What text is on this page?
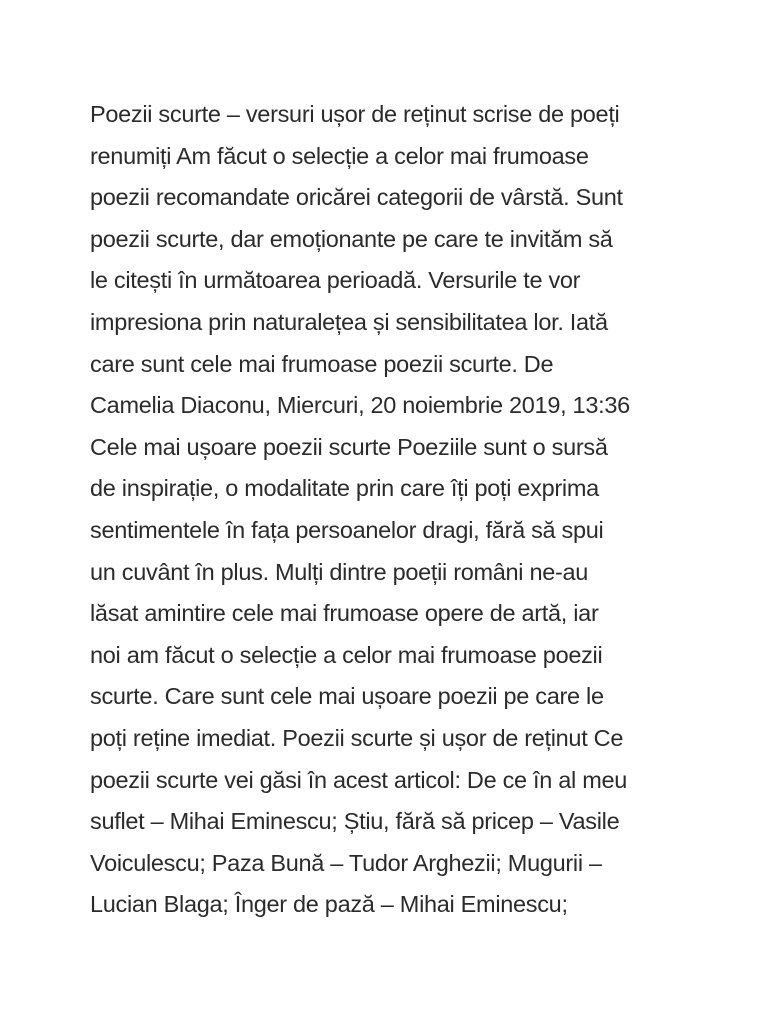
Poezii scurte – versuri ușor de reținut scrise de poeți
renumiți Am făcut o selecție a celor mai frumoase
poezii recomandate oricărei categorii de vârstă. Sunt
poezii scurte, dar emoționante pe care te invităm să
le citești în următoarea perioadă. Versurile te vor
impresiona prin naturalețea și sensibilitatea lor. Iată
care sunt cele mai frumoase poezii scurte. De
Camelia Diaconu, Miercuri, 20 noiembrie 2019, 13:36
Cele mai ușoare poezii scurte Poeziile sunt o sursă
de inspirație, o modalitate prin care îți poți exprima
sentimentele în fața persoanelor dragi, fără să spui
un cuvânt în plus. Mulți dintre poeții români ne-au
lăsat amintire cele mai frumoase opere de artă, iar
noi am făcut o selecție a celor mai frumoase poezii
scurte. Care sunt cele mai ușoare poezii pe care le
poți reține imediat. Poezii scurte și ușor de reținut Ce
poezii scurte vei găsi în acest articol: De ce în al meu
suflet – Mihai Eminescu; Știu, fără să pricep – Vasile
Voiculescu; Paza Bună – Tudor Arghezii; Mugurii –
Lucian Blaga; Înger de pază – Mihai Eminescu;
